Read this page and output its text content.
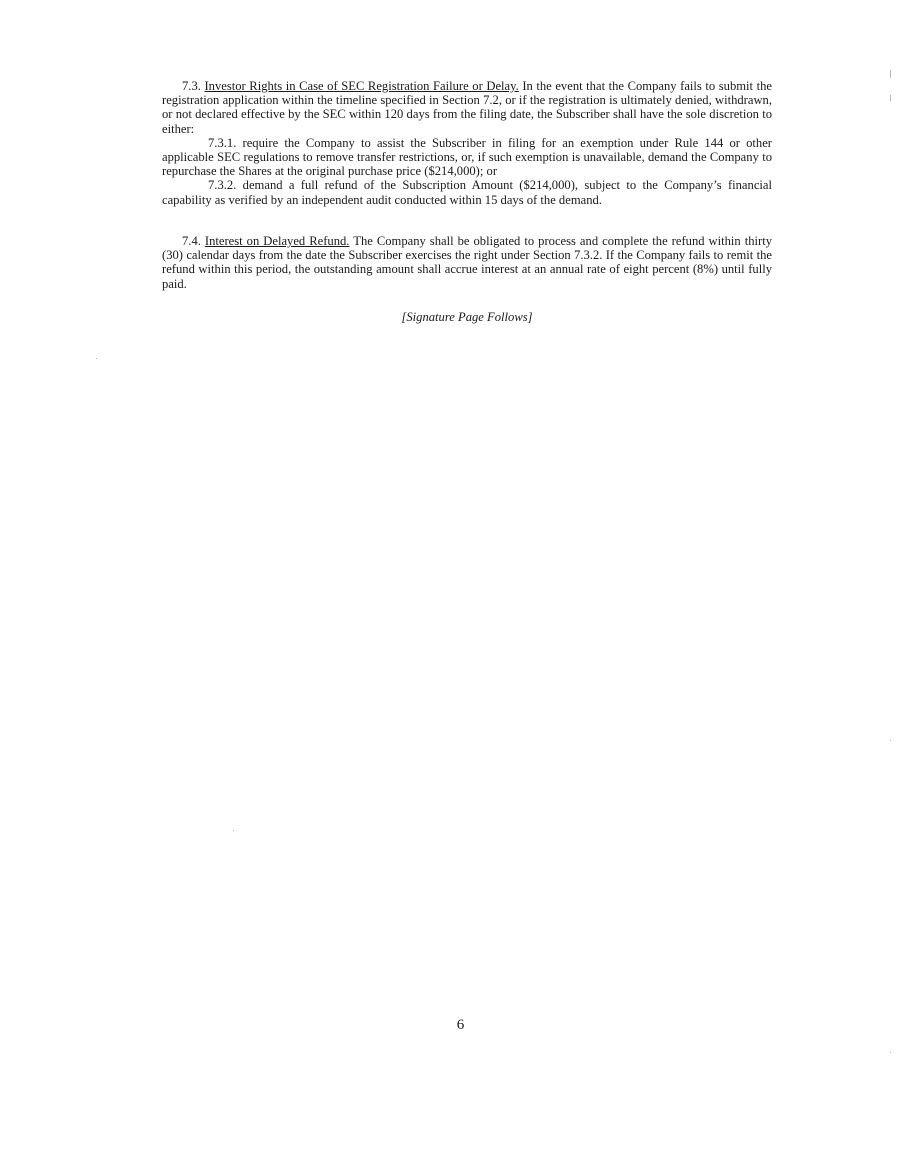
7.3. Investor Rights in Case of SEC Registration Failure or Delay. In the event that the Company fails to submit the registration application within the timeline specified in Section 7.2, or if the registration is ultimately denied, withdrawn, or not declared effective by the SEC within 120 days from the filing date, the Subscriber shall have the sole discretion to either:

7.3.1. require the Company to assist the Subscriber in filing for an exemption under Rule 144 or other applicable SEC regulations to remove transfer restrictions, or, if such exemption is unavailable, demand the Company to repurchase the Shares at the original purchase price ($214,000); or

7.3.2. demand a full refund of the Subscription Amount ($214,000), subject to the Company’s financial capability as verified by an independent audit conducted within 15 days of the demand.

7.4. Interest on Delayed Refund. The Company shall be obligated to process and complete the refund within thirty (30) calendar days from the date the Subscriber exercises the right under Section 7.3.2. If the Company fails to remit the refund within this period, the outstanding amount shall accrue interest at an annual rate of eight percent (8%) until fully paid.

[Signature Page Follows]
6
